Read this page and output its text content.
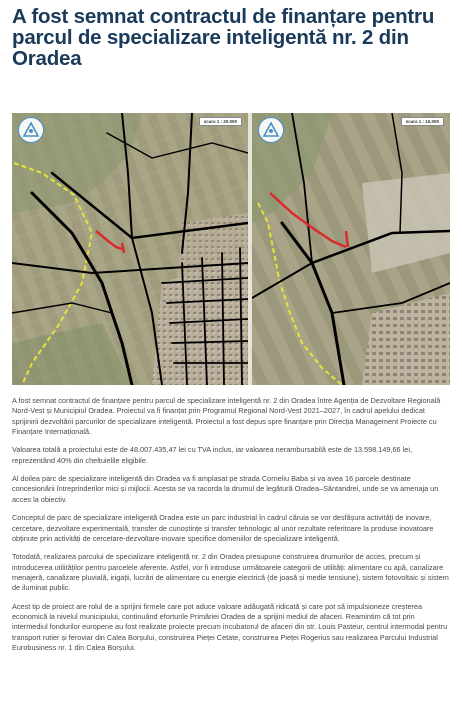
A fost semnat contractul de finanțare pentru parcul de specializare inteligentă nr. 2 din Oradea
scara 1 : 20.000	scara 1 : 10.000

A fost semnat contractul de finanțare pentru parcul de specializare inteligentă nr. 2 din Oradea între Agenția de Dezvoltare Regională Nord-Vest și Municipiul Oradea. Proiectul va fi finanțat prin Programul Regional Nord-Vest 2021–2027, în cadrul apelului dedicat sprijinirii dezvoltării parcurilor de specializare inteligentă. Proiectul a fost depus spre finanțare prin Direcția Management Proiecte cu Finanțare Internațională.

Valoarea totală a proiectului este de 48.007.435,47 lei cu TVA inclus, iar valoarea nerambursabilă este de 13.598.149,66 lei, reprezentând 40% din cheltuielile eligibile.

Al doilea parc de specializare inteligentă din Oradea va fi amplasat pe strada Corneliu Baba și va avea 16 parcele destinate concesionării întreprinderilor mici și mijlocii. Acesta se va racorda la drumul de legătură Oradea–Sântandrei, unde se va amenaja un acces la obiectiv.

Conceptul de parc de specializare inteligentă Oradea este un parc industrial în cadrul căruia se vor desfășura activități de inovare, cercetare, dezvoltare experimentală, transfer de cunoștințe și transfer tehnologic al unor rezultate referitoare la produse inovatoare obținute prin activități de cercetare-dezvoltare-inovare specifice domeniilor de specializare inteligentă.

Totodată, realizarea parcului de specializare inteligentă nr. 2 din Oradea presupune construirea drumurilor de acces, precum și introducerea utilităților pentru parcelele aferente. Astfel, vor fi introduse următoarele categorii de utilități: alimentare cu apă, canalizare menajeră, canalizare pluvială, irigații, lucrări de alimentare cu energie electrică (de joasă și medie tensiune), sistem fotovoltaic și sistem de iluminat public.

Acest tip de proiect are rolul de a sprijini firmele care pot aduce valoare adăugată ridicată și care pot să impulsioneze creșterea economică la nivelul municipiului, continuând eforturile Primăriei Oradea de a sprijini mediul de afaceri. Reamintim că tot prin intermediul fondurilor europene au fost realizate proiecte precum incubatorul de afaceri din str. Louis Pasteur, centrul intermodal pentru transport rutier și feroviar din Calea Borșului, construirea Pieței Cetate, construirea Pieței Rogerius sau realizarea Parcului Industrial Eurobusiness nr. 1 din Calea Borșului.
